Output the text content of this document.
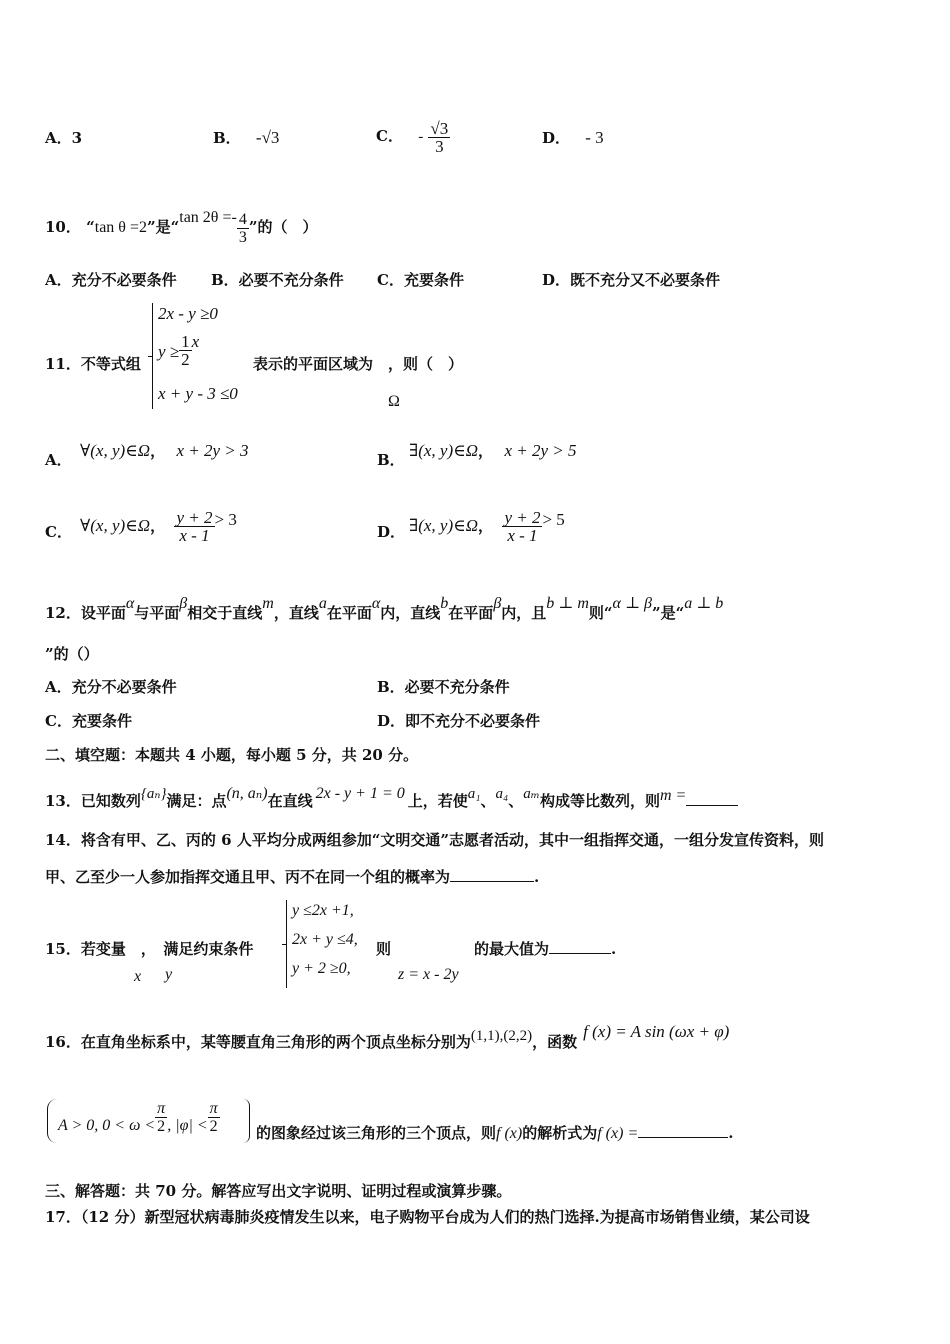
A．3	B． -√3	C． - $\frac{√3}{3}$	D． - 3
10． “tan θ =2”是“tan $2\theta =- \frac{4}{3}$ ”的（　）
A．充分不必要条件 B．必要不充分条件 C．充要条件	D．既不充分又不必要条件
11．不等式组
2x - y ≥0
$y \ge \frac{1}{2}$ x
x + y - 3 ≤0
表示的平面区域为　，则（　）
Ω
A． ∀(x, y)∈Ω， x + 2y > 3	B． ∃(x, y)∈Ω， x + 2y > 5
C． ∀(x, y)∈Ω， $\frac{y + 2}{x - 1} > 3$
D． ∃(x, y)∈Ω， $\frac{y + 2}{x - 1} > 5$
12．设平面α与平面β相交于直线m，直线a在平面α内，直线b在平面β内，且b ⊥ m则“α ⊥ β”是“a ⊥ b
”的（）
A．充分不必要条件	B．必要不充分条件
C．充要条件	D．即不充分不必要条件
二、填空题：本题共 4 小题，每小题 5 分，共 20 分。
13．已知数列{aₙ}满足：点(n, aₙ)在直线 2x - y + 1 = 0 上，若使a₁、a₄、aₘ构成等比数列，则m =
14．将含有甲、乙、丙的 6 人平均分成两组参加“文明交通”志愿者活动，其中一组指挥交通，一组分发宣传资料，则
甲、乙至少一人参加指挥交通且甲、丙不在同一个组的概率为	.
15．若变量　，　满足约束条件
x y
y ≤2x +1,
2x + y ≤4,
y + 2 ≥0,
则
z = x - 2y
的最大值为	.
16．在直角坐标系中，某等腰直角三角形的两个顶点坐标分别为(1,1),(2,2)，函数f (x) = A sin (ωx + φ)
A > 0, $0 < \omega < \frac{\pi}{2}$ , $|\varphi| < \frac{\pi}{2}$ 的图象经过该三角形的三个顶点，则f (x)的解析式为f (x) =	.
三、解答题：共 70 分。解答应写出文字说明、证明过程或演算步骤。
17．（12 分）新型冠状病毒肺炎疫情发生以来，电子购物平台成为人们的热门选择.为提高市场销售业绩，某公司设
